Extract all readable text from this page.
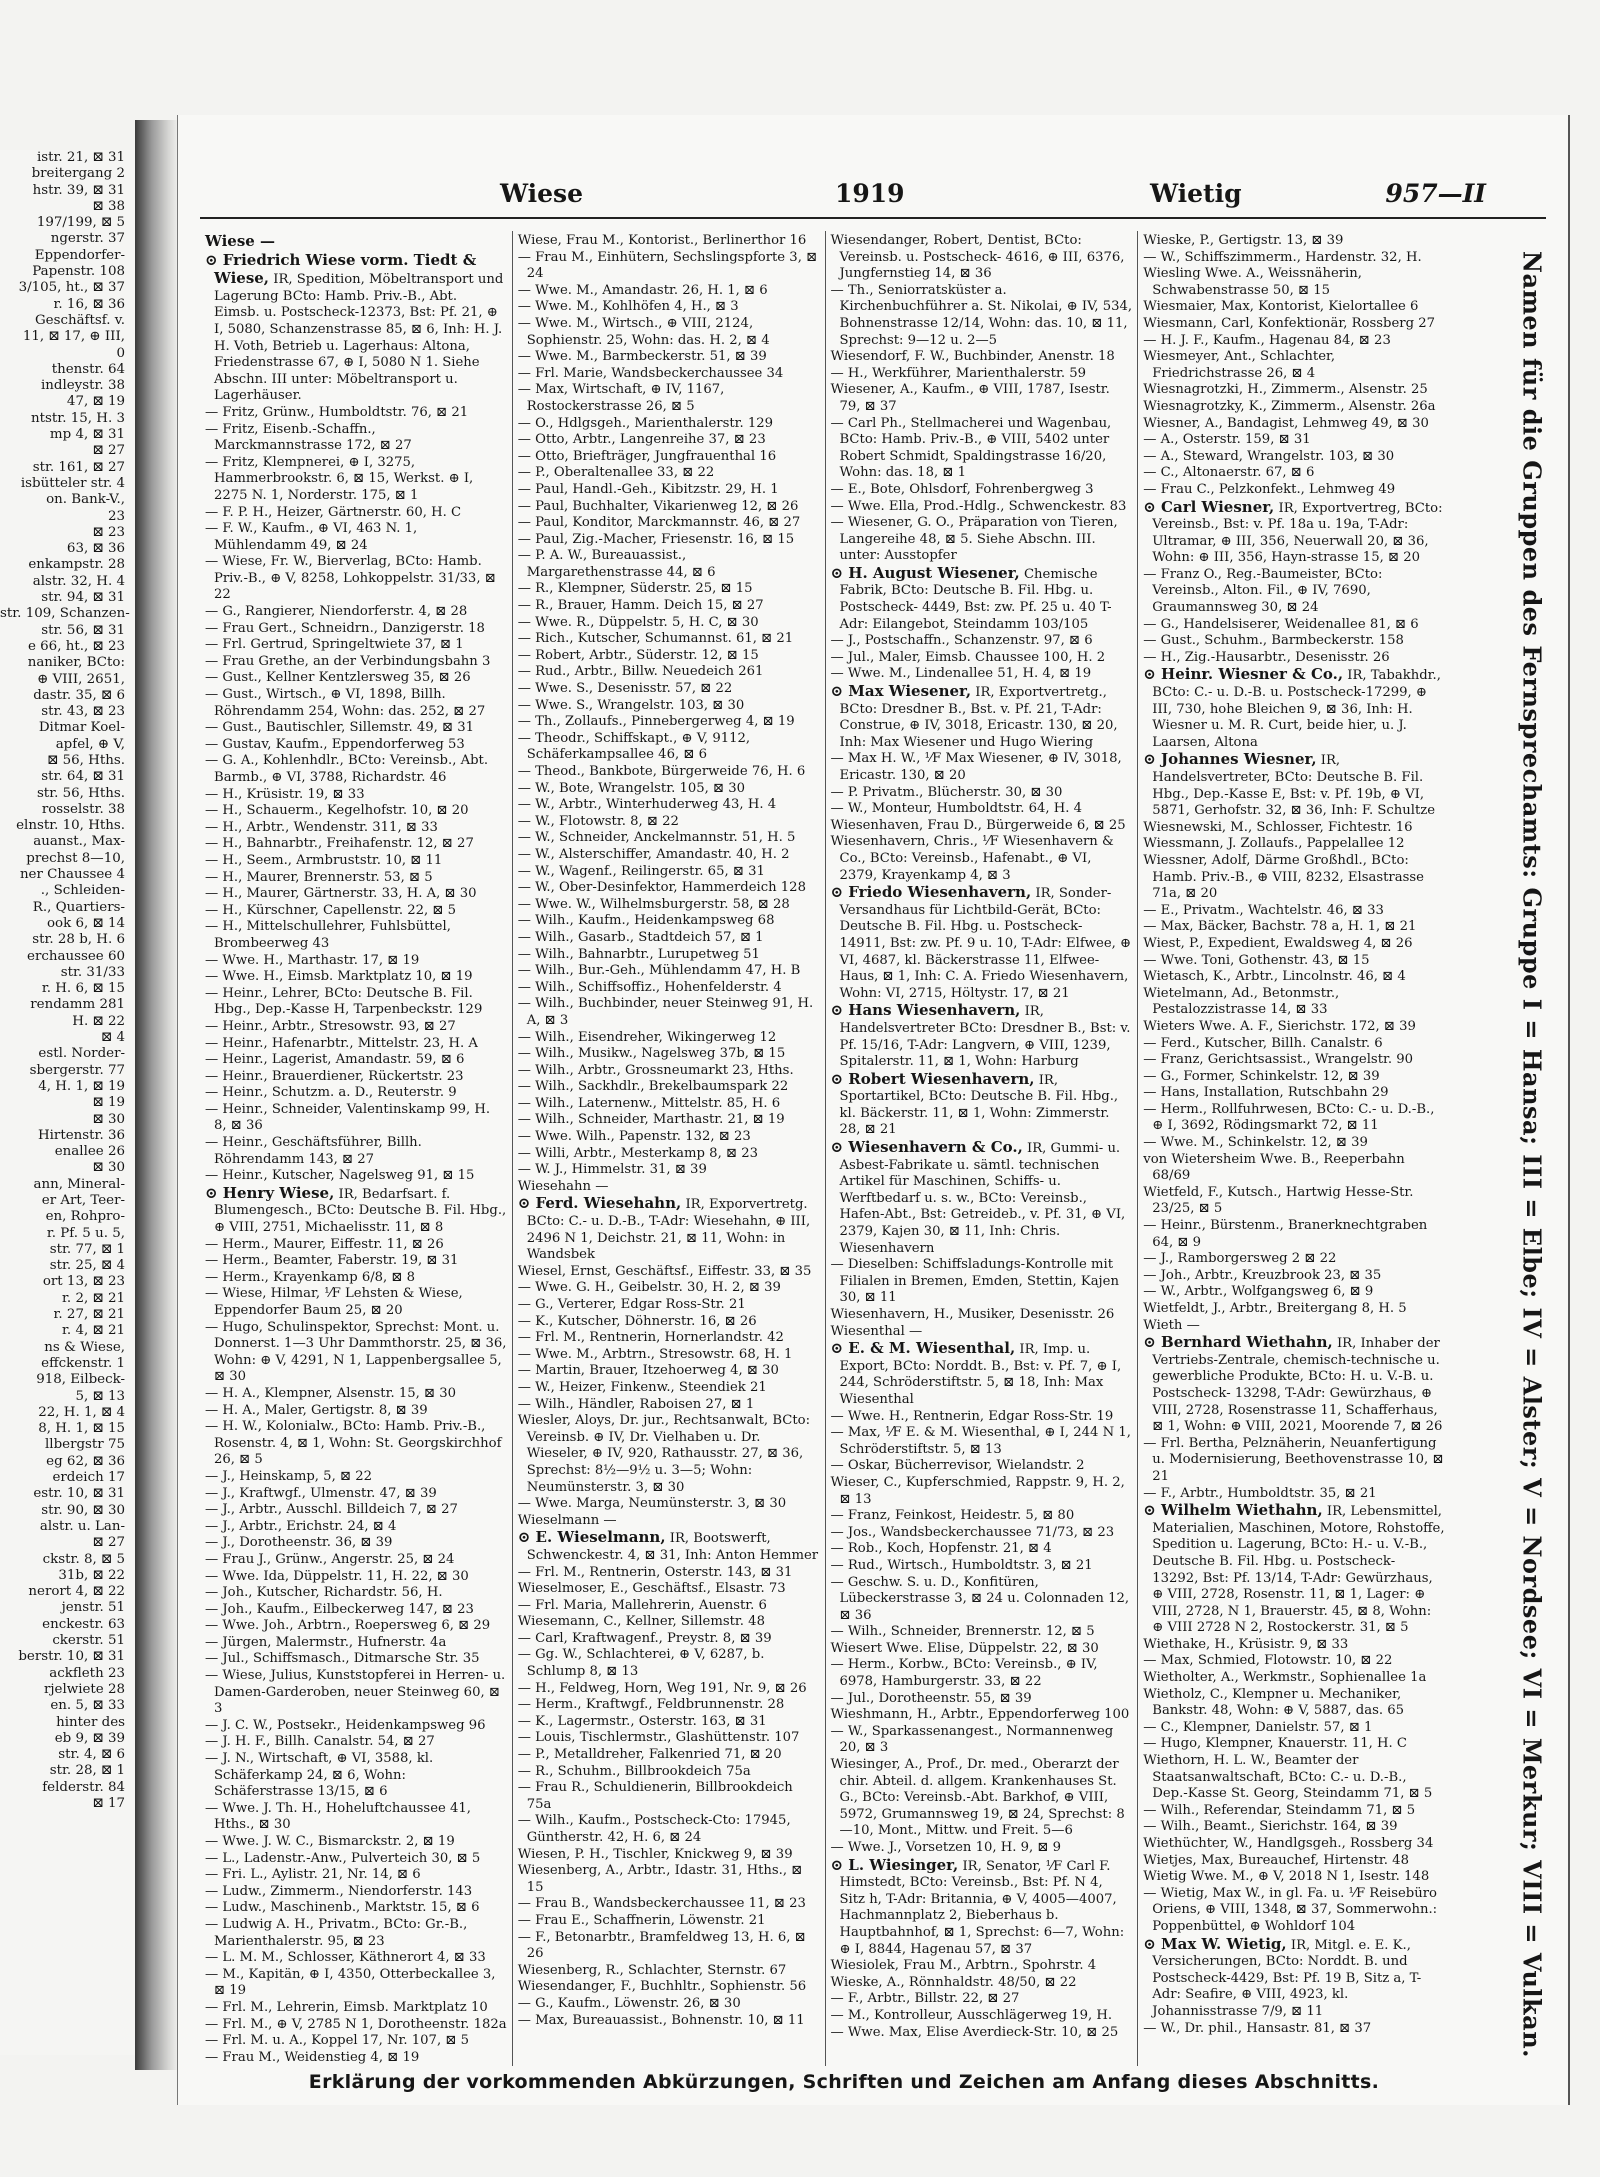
istr. 21, ⊠ 31
breitergang 2
hstr. 39, ⊠ 31
⊠ 38
197/199, ⊠ 5
ngerstr. 37
Eppendorfer-
Papenstr. 108
3/105, ht., ⊠ 37
r. 16, ⊠ 36
Geschäftsf. v.
11, ⊠ 17, ⊕ III,
0
thenstr. 64
indleystr. 38
47, ⊠ 19
ntstr. 15, H. 3
mp 4, ⊠ 31
⊠ 27
str. 161, ⊠ 27
isbütteler str. 4
on. Bank-V.,
23
⊠ 23
63, ⊠ 36
enkampstr. 28
alstr. 32, H. 4
str. 94, ⊠ 31
str. 109, Schanzen-
str. 56, ⊠ 31
e 66, ht., ⊠ 23
naniker, BCto:
⊕ VIII, 2651,
dastr. 35, ⊠ 6
str. 43, ⊠ 23
Ditmar Koel-
apfel, ⊕ V,
⊠ 56, Hths.
str. 64, ⊠ 31
str. 56, Hths.
rosselstr. 38
elnstr. 10, Hths.
auanst., Max-
prechst 8—10,
ner Chaussee 4
., Schleiden-
R., Quartiers-
ook 6, ⊠ 14
str. 28 b, H. 6
erchaussee 60
str. 31/33
r. H. 6, ⊠ 15
rendamm 281
H. ⊠ 22
⊠ 4
estl. Norder-
sbergerstr. 77
4, H. 1, ⊠ 19
⊠ 19
⊠ 30
Hirtenstr. 36
enallee 26
⊠ 30
ann, Mineral-
er Art, Teer-
en, Rohpro-
r. Pf. 5 u. 5,
str. 77, ⊠ 1
str. 25, ⊠ 4
ort 13, ⊠ 23
r. 2, ⊠ 21
r. 27, ⊠ 21
r. 4, ⊠ 21
ns & Wiese,
effckenstr. 1
918, Eilbeck-
5, ⊠ 13
22, H. 1, ⊠ 4
8, H. 1, ⊠ 15
llbergstr 75
eg 62, ⊠ 36
erdeich 17
estr. 10, ⊠ 31
str. 90, ⊠ 30
alstr. u. Lan-
⊠ 27
ckstr. 8, ⊠ 5
31b, ⊠ 22
nerort 4, ⊠ 22
jenstr. 51
enckestr. 63
ckerstr. 51
berstr. 10, ⊠ 31
ackfleth 23
rjelwiete 28
en. 5, ⊠ 33
hinter des
eb 9, ⊠ 39
str. 4, ⊠ 6
str. 28, ⊠ 1
felderstr. 84
⊠ 17
Wiese	1919	Wietig	957—II

Wiese —

⊙ Friedrich Wiese vorm. Tiedt & Wiese, IR, Spedition, Möbeltransport und Lagerung BCto: Hamb. Priv.-B., Abt. Eimsb. u. Postscheck-12373, Bst: Pf. 21, ⊕ I, 5080, Schanzenstrasse 85, ⊠ 6, Inh: H. J. H. Voth, Betrieb u. Lagerhaus: Altona, Friedenstrasse 67, ⊕ I, 5080 N 1. Siehe Abschn. III unter: Möbeltransport u. Lagerhäuser.

— Fritz, Grünw., Humboldtstr. 76, ⊠ 21

— Fritz, Eisenb.-Schaffn., Marckmannstrasse 172, ⊠ 27

— Fritz, Klempnerei, ⊕ I, 3275, Hammerbrookstr. 6, ⊠ 15, Werkst. ⊕ I, 2275 N. 1, Norderstr. 175, ⊠ 1

— F. P. H., Heizer, Gärtnerstr. 60, H. C

— F. W., Kaufm., ⊕ VI, 463 N. 1, Mühlendamm 49, ⊠ 24

— Wiese, Fr. W., Bierverlag, BCto: Hamb. Priv.-B., ⊕ V, 8258, Lohkoppelstr. 31/33, ⊠ 22

— G., Rangierer, Niendorferstr. 4, ⊠ 28

— Frau Gert., Schneidrn., Danzigerstr. 18

— Frl. Gertrud, Springeltwiete 37, ⊠ 1

— Frau Grethe, an der Verbindungsbahn 3

— Gust., Kellner Kentzlersweg 35, ⊠ 26

— Gust., Wirtsch., ⊕ VI, 1898, Billh. Röhrendamm 254, Wohn: das. 252, ⊠ 27

— Gust., Bautischler, Sillemstr. 49, ⊠ 31

— Gustav, Kaufm., Eppendorferweg 53

— G. A., Kohlenhdlr., BCto: Vereinsb., Abt. Barmb., ⊕ VI, 3788, Richardstr. 46

— H., Krüsistr. 19, ⊠ 33

— H., Schauerm., Kegelhofstr. 10, ⊠ 20

— H., Arbtr., Wendenstr. 311, ⊠ 33

— H., Bahnarbtr., Freihafenstr. 12, ⊠ 27

— H., Seem., Armbruststr. 10, ⊠ 11

— H., Maurer, Brennerstr. 53, ⊠ 5

— H., Maurer, Gärtnerstr. 33, H. A, ⊠ 30

— H., Kürschner, Capellenstr. 22, ⊠ 5

— H., Mittelschullehrer, Fuhlsbüttel, Brombeerweg 43

— Wwe. H., Marthastr. 17, ⊠ 19

— Wwe. H., Eimsb. Marktplatz 10, ⊠ 19

— Heinr., Lehrer, BCto: Deutsche B. Fil. Hbg., Dep.-Kasse H, Tarpenbeckstr. 129

— Heinr., Arbtr., Stresowstr. 93, ⊠ 27

— Heinr., Hafenarbtr., Mittelstr. 23, H. A

— Heinr., Lagerist, Amandastr. 59, ⊠ 6

— Heinr., Brauerdiener, Rückertstr. 23

— Heinr., Schutzm. a. D., Reuterstr. 9

— Heinr., Schneider, Valentinskamp 99, H. 8, ⊠ 36

— Heinr., Geschäftsführer, Billh. Röhrendamm 143, ⊠ 27

— Heinr., Kutscher, Nagelsweg 91, ⊠ 15

⊙ Henry Wiese, IR, Bedarfsart. f. Blumengesch., BCto: Deutsche B. Fil. Hbg., ⊕ VIII, 2751, Michaelisstr. 11, ⊠ 8

— Herm., Maurer, Eiffestr. 11, ⊠ 26

— Herm., Beamter, Faberstr. 19, ⊠ 31

— Herm., Krayenkamp 6/8, ⊠ 8

— Wiese, Hilmar, ⅟F Lehsten & Wiese, Eppendorfer Baum 25, ⊠ 20

— Hugo, Schulinspektor, Sprechst: Mont. u. Donnerst. 1—3 Uhr Dammthorstr. 25, ⊠ 36, Wohn: ⊕ V, 4291, N 1, Lappenbergsallee 5, ⊠ 30

— H. A., Klempner, Alsenstr. 15, ⊠ 30

— H. A., Maler, Gertigstr. 8, ⊠ 39

— H. W., Kolonialw., BCto: Hamb. Priv.-B., Rosenstr. 4, ⊠ 1, Wohn: St. Georgskirchhof 26, ⊠ 5

— J., Heinskamp, 5, ⊠ 22

— J., Kraftwgf., Ulmenstr. 47, ⊠ 39

— J., Arbtr., Ausschl. Billdeich 7, ⊠ 27

— J., Arbtr., Erichstr. 24, ⊠ 4

— J., Dorotheenstr. 36, ⊠ 39

— Frau J., Grünw., Angerstr. 25, ⊠ 24

— Wwe. Ida, Düppelstr. 11, H. 22, ⊠ 30

— Joh., Kutscher, Richardstr. 56, H.

— Joh., Kaufm., Eilbeckerweg 147, ⊠ 23

— Wwe. Joh., Arbtrn., Roepersweg 6, ⊠ 29

— Jürgen, Malermstr., Hufnerstr. 4a

— Jul., Schiffsmasch., Ditmarsche Str. 35

— Wiese, Julius, Kunststopferei in Herren- u. Damen-Garderoben, neuer Steinweg 60, ⊠ 3

— J. C. W., Postsekr., Heidenkampsweg 96

— J. H. F., Billh. Canalstr. 54, ⊠ 27

— J. N., Wirtschaft, ⊕ VI, 3588, kl. Schäferkamp 24, ⊠ 6, Wohn: Schäferstrasse 13/15, ⊠ 6

— Wwe. J. Th. H., Hoheluftchaussee 41, Hths., ⊠ 30

— Wwe. J. W. C., Bismarckstr. 2, ⊠ 19

— L., Ladenstr.-Anw., Pulverteich 30, ⊠ 5

— Fri. L., Aylistr. 21, Nr. 14, ⊠ 6

— Ludw., Zimmerm., Niendorferstr. 143

— Ludw., Maschinenb., Marktstr. 15, ⊠ 6

— Ludwig A. H., Privatm., BCto: Gr.-B., Marienthalerstr. 95, ⊠ 23

— L. M. M., Schlosser, Käthnerort 4, ⊠ 33

— M., Kapitän, ⊕ I, 4350, Otterbeckallee 3, ⊠ 19

— Frl. M., Lehrerin, Eimsb. Marktplatz 10

— Frl. M., ⊕ V, 2785 N 1, Dorotheenstr. 182a

— Frl. M. u. A., Koppel 17, Nr. 107, ⊠ 5

— Frau M., Weidenstieg 4, ⊠ 19

Wiese, Frau M., Kontorist., Berlinerthor 16

— Frau M., Einhütern, Sechslingspforte 3, ⊠ 24

— Wwe. M., Amandastr. 26, H. 1, ⊠ 6

— Wwe. M., Kohlhöfen 4, H., ⊠ 3

— Wwe. M., Wirtsch., ⊕ VIII, 2124, Sophienstr. 25, Wohn: das. H. 2, ⊠ 4

— Wwe. M., Barmbeckerstr. 51, ⊠ 39

— Frl. Marie, Wandsbeckerchaussee 34

— Max, Wirtschaft, ⊕ IV, 1167, Rostockerstrasse 26, ⊠ 5

— O., Hdlgsgeh., Marienthalerstr. 129

— Otto, Arbtr., Langenreihe 37, ⊠ 23

— Otto, Briefträger, Jungfrauenthal 16

— P., Oberaltenallee 33, ⊠ 22

— Paul, Handl.-Geh., Kibitzstr. 29, H. 1

— Paul, Buchhalter, Vikarienweg 12, ⊠ 26

— Paul, Konditor, Marckmannstr. 46, ⊠ 27

— Paul, Zig.-Macher, Friesenstr. 16, ⊠ 15

— P. A. W., Bureauassist., Margarethenstrasse 44, ⊠ 6

— R., Klempner, Süderstr. 25, ⊠ 15

— R., Brauer, Hamm. Deich 15, ⊠ 27

— Wwe. R., Düppelstr. 5, H. C, ⊠ 30

— Rich., Kutscher, Schumannst. 61, ⊠ 21

— Robert, Arbtr., Süderstr. 12, ⊠ 15

— Rud., Arbtr., Billw. Neuedeich 261

— Wwe. S., Desenisstr. 57, ⊠ 22

— Wwe. S., Wrangelstr. 103, ⊠ 30

— Th., Zollaufs., Pinnebergerweg 4, ⊠ 19

— Theodr., Schiffskapt., ⊕ V, 9112, Schäferkampsallee 46, ⊠ 6

— Theod., Bankbote, Bürgerweide 76, H. 6

— W., Bote, Wrangelstr. 105, ⊠ 30

— W., Arbtr., Winterhuderweg 43, H. 4

— W., Flotowstr. 8, ⊠ 22

— W., Schneider, Anckelmannstr. 51, H. 5

— W., Alsterschiffer, Amandastr. 40, H. 2

— W., Wagenf., Reilingerstr. 65, ⊠ 31

— W., Ober-Desinfektor, Hammerdeich 128

— Wwe. W., Wilhelmsburgerstr. 58, ⊠ 28

— Wilh., Kaufm., Heidenkampsweg 68

— Wilh., Gasarb., Stadtdeich 57, ⊠ 1

— Wilh., Bahnarbtr., Lurupetweg 51

— Wilh., Bur.-Geh., Mühlendamm 47, H. B

— Wilh., Schiffsoffiz., Hohenfelderstr. 4

— Wilh., Buchbinder, neuer Steinweg 91, H. A, ⊠ 3

— Wilh., Eisendreher, Wikingerweg 12

— Wilh., Musikw., Nagelsweg 37b, ⊠ 15

— Wilh., Arbtr., Grossneumarkt 23, Hths.

— Wilh., Sackhdlr., Brekelbaumspark 22

— Wilh., Laternenw., Mittelstr. 85, H. 6

— Wilh., Schneider, Marthastr. 21, ⊠ 19

— Wwe. Wilh., Papenstr. 132, ⊠ 23

— Willi, Arbtr., Mesterkamp 8, ⊠ 23

— W. J., Himmelstr. 31, ⊠ 39

Wiesehahn —

⊙ Ferd. Wiesehahn, IR, Exporvertretg. BCto: C.- u. D.-B., T-Adr: Wiesehahn, ⊕ III, 2496 N 1, Deichstr. 21, ⊠ 11, Wohn: in Wandsbek

Wiesel, Ernst, Geschäftsf., Eiffestr. 33, ⊠ 35

— Wwe. G. H., Geibelstr. 30, H. 2, ⊠ 39

— G., Verterer, Edgar Ross-Str. 21

— K., Kutscher, Döhnerstr. 16, ⊠ 26

— Frl. M., Rentnerin, Hornerlandstr. 42

— Wwe. M., Arbtrn., Stresowstr. 68, H. 1

— Martin, Brauer, Itzehoerweg 4, ⊠ 30

— W., Heizer, Finkenw., Steendiek 21

— Wilh., Händler, Raboisen 27, ⊠ 1

Wiesler, Aloys, Dr. jur., Rechtsanwalt, BCto: Vereinsb. ⊕ IV, Dr. Vielhaben u. Dr. Wieseler, ⊕ IV, 920, Rathausstr. 27, ⊠ 36, Sprechst: 8½—9½ u. 3—5; Wohn: Neumünsterstr. 3, ⊠ 30

— Wwe. Marga, Neumünsterstr. 3, ⊠ 30

Wieselmann —

⊙ E. Wieselmann, IR, Bootswerft, Schwenckestr. 4, ⊠ 31, Inh: Anton Hemmer

— Frl. M., Rentnerin, Osterstr. 143, ⊠ 31

Wieselmoser, E., Geschäftsf., Elsastr. 73

— Frl. Maria, Mallehrerin, Auenstr. 6

Wiesemann, C., Kellner, Sillemstr. 48

— Carl, Kraftwagenf., Preystr. 8, ⊠ 39

— Gg. W., Schlachterei, ⊕ V, 6287, b. Schlump 8, ⊠ 13

— H., Feldweg, Horn, Weg 191, Nr. 9, ⊠ 26

— Herm., Kraftwgf., Feldbrunnenstr. 28

— K., Lagermstr., Osterstr. 163, ⊠ 31

— Louis, Tischlermstr., Glashüttenstr. 107

— P., Metalldreher, Falkenried 71, ⊠ 20

— R., Schuhm., Billbrookdeich 75a

— Frau R., Schuldienerin, Billbrookdeich 75a

— Wilh., Kaufm., Postscheck-Cto: 17945, Güntherstr. 42, H. 6, ⊠ 24

Wiesen, P. H., Tischler, Knickweg 9, ⊠ 39

Wiesenberg, A., Arbtr., Idastr. 31, Hths., ⊠ 15

— Frau B., Wandsbeckerchaussee 11, ⊠ 23

— Frau E., Schaffnerin, Löwenstr. 21

— F., Betonarbtr., Bramfeldweg 13, H. 6, ⊠ 26

Wiesenberg, R., Schlachter, Sternstr. 67

Wiesendanger, F., Buchhltr., Sophienstr. 56

— G., Kaufm., Löwenstr. 26, ⊠ 30

— Max, Bureauassist., Bohnenstr. 10, ⊠ 11

Wiesendanger, Robert, Dentist, BCto: Vereinsb. u. Postscheck- 4616, ⊕ III, 6376, Jungfernstieg 14, ⊠ 36

— Th., Seniorratsküster a. Kirchenbuchführer a. St. Nikolai, ⊕ IV, 534, Bohnenstrasse 12/14, Wohn: das. 10, ⊠ 11, Sprechst: 9—12 u. 2—5

Wiesendorf, F. W., Buchbinder, Anenstr. 18

— H., Werkführer, Marienthalerstr. 59

Wiesener, A., Kaufm., ⊕ VIII, 1787, Isestr. 79, ⊠ 37

— Carl Ph., Stellmacherei und Wagenbau, BCto: Hamb. Priv.-B., ⊕ VIII, 5402 unter Robert Schmidt, Spaldingstrasse 16/20, Wohn: das. 18, ⊠ 1

— E., Bote, Ohlsdorf, Fohrenbergweg 3

— Wwe. Ella, Prod.-Hdlg., Schwenckestr. 83

— Wiesener, G. O., Präparation von Tieren, Langereihe 48, ⊠ 5. Siehe Abschn. III. unter: Ausstopfer

⊙ H. August Wiesener, Chemische Fabrik, BCto: Deutsche B. Fil. Hbg. u. Postscheck- 4449, Bst: zw. Pf. 25 u. 40 T-Adr: Eilangebot, Steindamm 103/105

— J., Postschaffn., Schanzenstr. 97, ⊠ 6

— Jul., Maler, Eimsb. Chaussee 100, H. 2

— Wwe. M., Lindenallee 51, H. 4, ⊠ 19

⊙ Max Wiesener, IR, Exportvertretg., BCto: Dresdner B., Bst. v. Pf. 21, T-Adr: Construe, ⊕ IV, 3018, Ericastr. 130, ⊠ 20, Inh: Max Wiesener und Hugo Wiering

— Max H. W., ⅟F Max Wiesener, ⊕ IV, 3018, Ericastr. 130, ⊠ 20

— P. Privatm., Blücherstr. 30, ⊠ 30

— W., Monteur, Humboldtstr. 64, H. 4

Wiesenhaven, Frau D., Bürgerweide 6, ⊠ 25

Wiesenhavern, Chris., ⅟F Wiesenhavern & Co., BCto: Vereinsb., Hafenabt., ⊕ VI, 2379, Krayenkamp 4, ⊠ 3

⊙ Friedo Wiesenhavern, IR, Sonder-Versandhaus für Lichtbild-Gerät, BCto: Deutsche B. Fil. Hbg. u. Postscheck- 14911, Bst: zw. Pf. 9 u. 10, T-Adr: Elfwee, ⊕ VI, 4687, kl. Bäckerstrasse 11, Elfwee-Haus, ⊠ 1, Inh: C. A. Friedo Wiesenhavern, Wohn: VI, 2715, Höltystr. 17, ⊠ 21

⊙ Hans Wiesenhavern, IR, Handelsvertreter BCto: Dresdner B., Bst: v. Pf. 15/16, T-Adr: Langvern, ⊕ VIII, 1239, Spitalerstr. 11, ⊠ 1, Wohn: Harburg

⊙ Robert Wiesenhavern, IR, Sportartikel, BCto: Deutsche B. Fil. Hbg., kl. Bäckerstr. 11, ⊠ 1, Wohn: Zimmerstr. 28, ⊠ 21

⊙ Wiesenhavern & Co., IR, Gummi- u. Asbest-Fabrikate u. sämtl. technischen Artikel für Maschinen, Schiffs- u. Werftbedarf u. s. w., BCto: Vereinsb., Hafen-Abt., Bst: Getreideb., v. Pf. 31, ⊕ VI, 2379, Kajen 30, ⊠ 11, Inh: Chris. Wiesenhavern

— Dieselben: Schiffsladungs-Kontrolle mit Filialen in Bremen, Emden, Stettin, Kajen 30, ⊠ 11

Wiesenhavern, H., Musiker, Desenisstr. 26

Wiesenthal —

⊙ E. & M. Wiesenthal, IR, Imp. u. Export, BCto: Norddt. B., Bst: v. Pf. 7, ⊕ I, 244, Schröderstiftstr. 5, ⊠ 18, Inh: Max Wiesenthal

— Wwe. H., Rentnerin, Edgar Ross-Str. 19

— Max, ⅟F E. & M. Wiesenthal, ⊕ I, 244 N 1, Schröderstiftstr. 5, ⊠ 13

— Oskar, Bücherrevisor, Wielandstr. 2

Wieser, C., Kupferschmied, Rappstr. 9, H. 2, ⊠ 13

— Franz, Feinkost, Heidestr. 5, ⊠ 80

— Jos., Wandsbeckerchaussee 71/73, ⊠ 23

— Rob., Koch, Hopfenstr. 21, ⊠ 4

— Rud., Wirtsch., Humboldtstr. 3, ⊠ 21

— Geschw. S. u. D., Konfitüren, Lübeckerstrasse 3, ⊠ 24 u. Colonnaden 12, ⊠ 36

— Wilh., Schneider, Brennerstr. 12, ⊠ 5

Wiesert Wwe. Elise, Düppelstr. 22, ⊠ 30

— Herm., Korbw., BCto: Vereinsb., ⊕ IV, 6978, Hamburgerstr. 33, ⊠ 22

— Jul., Dorotheenstr. 55, ⊠ 39

Wieshmann, H., Arbtr., Eppendorferweg 100

— W., Sparkassenangest., Normannenweg 20, ⊠ 3

Wiesinger, A., Prof., Dr. med., Oberarzt der chir. Abteil. d. allgem. Krankenhauses St. G., BCto: Vereinsb.-Abt. Barkhof, ⊕ VIII, 5972, Grumannsweg 19, ⊠ 24, Sprechst: 8—10, Mont., Mittw. und Freit. 5—6

— Wwe. J., Vorsetzen 10, H. 9, ⊠ 9

⊙ L. Wiesinger, IR, Senator, ⅟F Carl F. Himstedt, BCto: Vereinsb., Bst: Pf. N 4, Sitz h, T-Adr: Britannia, ⊕ V, 4005—4007, Hachmannplatz 2, Bieberhaus b. Hauptbahnhof, ⊠ 1, Sprechst: 6—7, Wohn: ⊕ I, 8844, Hagenau 57, ⊠ 37

Wiesiolek, Frau M., Arbtrn., Spohrstr. 4

Wieske, A., Rönnhaldstr. 48/50, ⊠ 22

— F., Arbtr., Billstr. 22, ⊠ 27

— M., Kontrolleur, Ausschlägerweg 19, H.

— Wwe. Max, Elise Averdieck-Str. 10, ⊠ 25

Wieske, P., Gertigstr. 13, ⊠ 39

— W., Schiffszimmerm., Hardenstr. 32, H.

Wiesling Wwe. A., Weissnäherin, Schwabenstrasse 50, ⊠ 15

Wiesmaier, Max, Kontorist, Kielortallee 6

Wiesmann, Carl, Konfektionär, Rossberg 27

— H. J. F., Kaufm., Hagenau 84, ⊠ 23

Wiesmeyer, Ant., Schlachter, Friedrichstrasse 26, ⊠ 4

Wiesnagrotzki, H., Zimmerm., Alsenstr. 25

Wiesnagrotzky, K., Zimmerm., Alsenstr. 26a

Wiesner, A., Bandagist, Lehmweg 49, ⊠ 30

— A., Osterstr. 159, ⊠ 31

— A., Steward, Wrangelstr. 103, ⊠ 30

— C., Altonaerstr. 67, ⊠ 6

— Frau C., Pelzkonfekt., Lehmweg 49

⊙ Carl Wiesner, IR, Exportvertreg, BCto: Vereinsb., Bst: v. Pf. 18a u. 19a, T-Adr: Ultramar, ⊕ III, 356, Neuerwall 20, ⊠ 36, Wohn: ⊕ III, 356, Hayn-strasse 15, ⊠ 20

— Franz O., Reg.-Baumeister, BCto: Vereinsb., Alton. Fil., ⊕ IV, 7690, Graumannsweg 30, ⊠ 24

— G., Handelsiserer, Weidenallee 81, ⊠ 6

— Gust., Schuhm., Barmbeckerstr. 158

— H., Zig.-Hausarbtr., Desenisstr. 26

⊙ Heinr. Wiesner & Co., IR, Tabakhdr., BCto: C.- u. D.-B. u. Postscheck-17299, ⊕ III, 730, hohe Bleichen 9, ⊠ 36, Inh: H. Wiesner u. M. R. Curt, beide hier, u. J. Laarsen, Altona

⊙ Johannes Wiesner, IR, Handelsvertreter, BCto: Deutsche B. Fil. Hbg., Dep.-Kasse E, Bst: v. Pf. 19b, ⊕ VI, 5871, Gerhofstr. 32, ⊠ 36, Inh: F. Schultze

Wiesnewski, M., Schlosser, Fichtestr. 16

Wiessmann, J. Zollaufs., Pappelallee 12

Wiessner, Adolf, Därme Großhdl., BCto: Hamb. Priv.-B., ⊕ VIII, 8232, Elsastrasse 71a, ⊠ 20

— E., Privatm., Wachtelstr. 46, ⊠ 33

— Max, Bäcker, Bachstr. 78 a, H. 1, ⊠ 21

Wiest, P., Expedient, Ewaldsweg 4, ⊠ 26

— Wwe. Toni, Gothenstr. 43, ⊠ 15

Wietasch, K., Arbtr., Lincolnstr. 46, ⊠ 4

Wietelmann, Ad., Betonmstr., Pestalozzistrasse 14, ⊠ 33

Wieters Wwe. A. F., Sierichstr. 172, ⊠ 39

— Ferd., Kutscher, Billh. Canalstr. 6

— Franz, Gerichtsassist., Wrangelstr. 90

— G., Former, Schinkelstr. 12, ⊠ 39

— Hans, Installation, Rutschbahn 29

— Herm., Rollfuhrwesen, BCto: C.- u. D.-B., ⊕ I, 3692, Rödingsmarkt 72, ⊠ 11

— Wwe. M., Schinkelstr. 12, ⊠ 39

von Wietersheim Wwe. B., Reeperbahn 68/69

Wietfeld, F., Kutsch., Hartwig Hesse-Str. 23/25, ⊠ 5

— Heinr., Bürstenm., Branerknechtgraben 64, ⊠ 9

— J., Ramborgersweg 2 ⊠ 22

— Joh., Arbtr., Kreuzbrook 23, ⊠ 35

— W., Arbtr., Wolfgangsweg 6, ⊠ 9

Wietfeldt, J., Arbtr., Breitergang 8, H. 5

Wieth —

⊙ Bernhard Wiethahn, IR, Inhaber der Vertriebs-Zentrale, chemisch-technische u. gewerbliche Produkte, BCto: H. u. V.-B. u. Postscheck- 13298, T-Adr: Gewürzhaus, ⊕ VIII, 2728, Rosenstrasse 11, Schafferhaus, ⊠ 1, Wohn: ⊕ VIII, 2021, Moorende 7, ⊠ 26

— Frl. Bertha, Pelznäherin, Neuanfertigung u. Modernisierung, Beethovenstrasse 10, ⊠ 21

— F., Arbtr., Humboldtstr. 35, ⊠ 21

⊙ Wilhelm Wiethahn, IR, Lebensmittel, Materialien, Maschinen, Motore, Rohstoffe, Spedition u. Lagerung, BCto: H.- u. V.-B., Deutsche B. Fil. Hbg. u. Postscheck- 13292, Bst: Pf. 13/14, T-Adr: Gewürzhaus, ⊕ VIII, 2728, Rosenstr. 11, ⊠ 1, Lager: ⊕ VIII, 2728, N 1, Brauerstr. 45, ⊠ 8, Wohn: ⊕ VIII 2728 N 2, Rostockerstr. 31, ⊠ 5

Wiethake, H., Krüsistr. 9, ⊠ 33

— Max, Schmied, Flotowstr. 10, ⊠ 22

Wietholter, A., Werkmstr., Sophienallee 1a

Wietholz, C., Klempner u. Mechaniker, Bankstr. 48, Wohn: ⊕ V, 5887, das. 65

— C., Klempner, Danielstr. 57, ⊠ 1

— Hugo, Klempner, Knauerstr. 11, H. C

Wiethorn, H. L. W., Beamter der Staatsanwaltschaft, BCto: C.- u. D.-B., Dep.-Kasse St. Georg, Steindamm 71, ⊠ 5

— Wilh., Referendar, Steindamm 71, ⊠ 5

— Wilh., Beamt., Sierichstr. 164, ⊠ 39

Wiethüchter, W., Handlgsgeh., Rossberg 34

Wietjes, Max, Bureauchef, Hirtenstr. 48

Wietig Wwe. M., ⊕ V, 2018 N 1, Isestr. 148

— Wietig, Max W., in gl. Fa. u. ⅟F Reisebüro Oriens, ⊕ VIII, 1348, ⊠ 37, Sommerwohn.: Poppenbüttel, ⊕ Wohldorf 104

⊙ Max W. Wietig, IR, Mitgl. e. E. K., Versicherungen, BCto: Norddt. B. und Postscheck-4429, Bst: Pf. 19 B, Sitz a, T-Adr: Seafire, ⊕ VIII, 4923, kl. Johannisstrasse 7/9, ⊠ 11

— W., Dr. phil., Hansastr. 81, ⊠ 37	Namen für die Gruppen des Fernsprechamts: Gruppe I = Hansa; III = Elbe; IV = Alster; V = Nordsee; VI = Merkur; VIII = Vulkan.
Erklärung der vorkommenden Abkürzungen, Schriften und Zeichen am Anfang dieses Abschnitts.
